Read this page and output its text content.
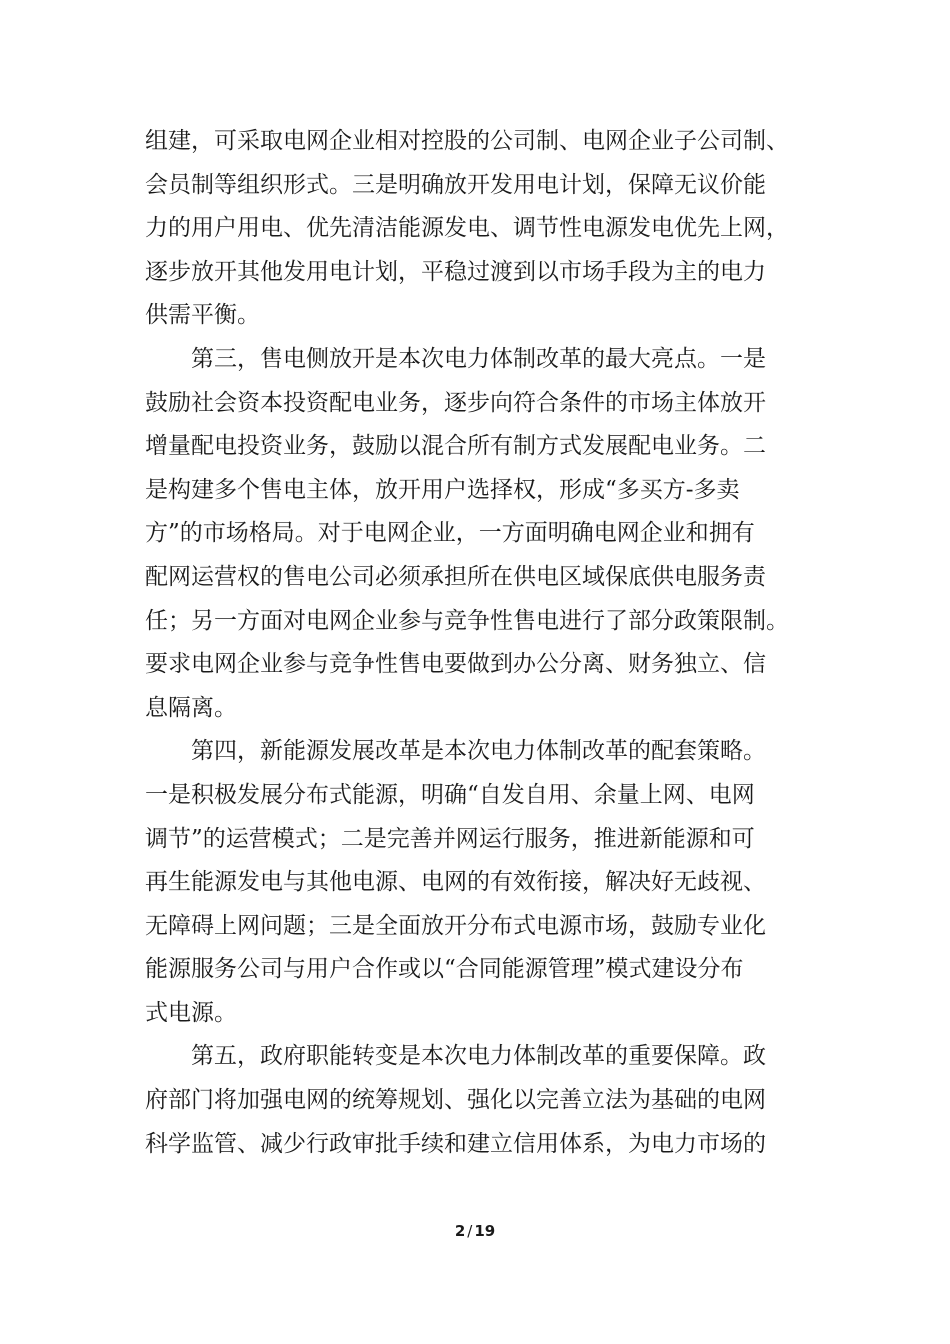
组建，可采取电网企业相对控股的公司制、电网企业子公司制、
会员制等组织形式。三是明确放开发用电计划，保障无议价能
力的用户用电、优先清洁能源发电、调节性电源发电优先上网，
逐步放开其他发用电计划，平稳过渡到以市场手段为主的电力
供需平衡。
第三，售电侧放开是本次电力体制改革的最大亮点。一是
鼓励社会资本投资配电业务，逐步向符合条件的市场主体放开
增量配电投资业务，鼓励以混合所有制方式发展配电业务。二
是构建多个售电主体，放开用户选择权，形成“多买方-多卖
方”的市场格局。对于电网企业，一方面明确电网企业和拥有
配网运营权的售电公司必须承担所在供电区域保底供电服务责
任；另一方面对电网企业参与竞争性售电进行了部分政策限制。
要求电网企业参与竞争性售电要做到办公分离、财务独立、信
息隔离。
第四，新能源发展改革是本次电力体制改革的配套策略。
一是积极发展分布式能源，明确“自发自用、余量上网、电网
调节”的运营模式；二是完善并网运行服务，推进新能源和可
再生能源发电与其他电源、电网的有效衔接，解决好无歧视、
无障碍上网问题；三是全面放开分布式电源市场，鼓励专业化
能源服务公司与用户合作或以“合同能源管理”模式建设分布
式电源。
第五，政府职能转变是本次电力体制改革的重要保障。政
府部门将加强电网的统筹规划、强化以完善立法为基础的电网
科学监管、减少行政审批手续和建立信用体系，为电力市场的
2 / 19
